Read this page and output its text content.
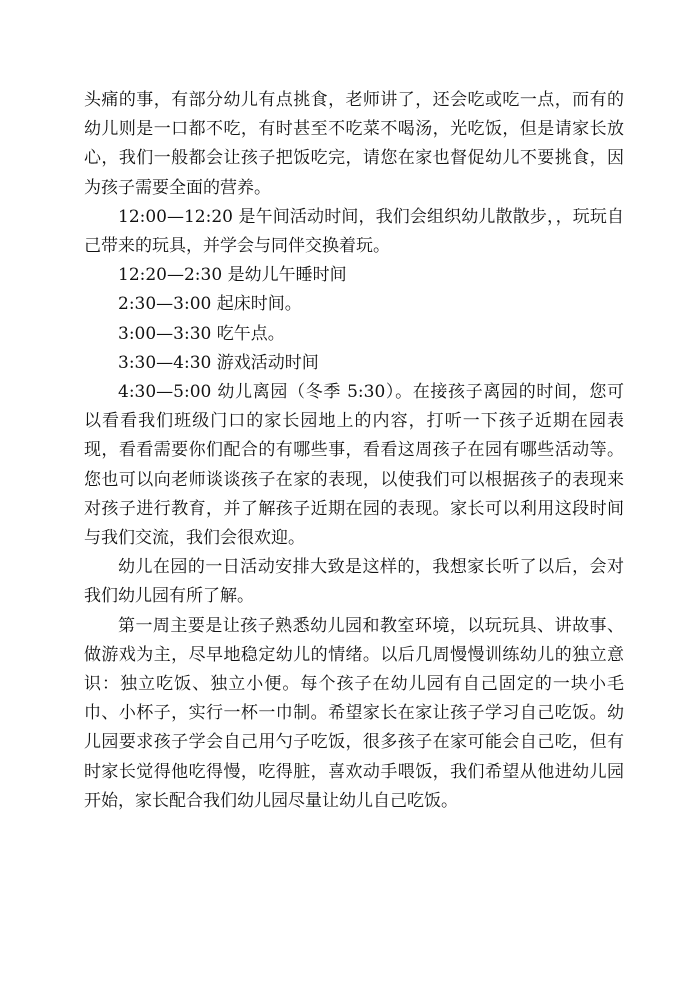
头痛的事，有部分幼儿有点挑食，老师讲了，还会吃或吃一点，而有的幼儿则是一口都不吃，有时甚至不吃菜不喝汤，光吃饭，但是请家长放心，我们一般都会让孩子把饭吃完，请您在家也督促幼儿不要挑食，因为孩子需要全面的营养。

12:00—12:20 是午间活动时间，我们会组织幼儿散散步，，玩玩自己带来的玩具，并学会与同伴交换着玩。

12:20—2:30 是幼儿午睡时间

2:30—3:00 起床时间。

3:00—3:30 吃午点。

3:30—4:30 游戏活动时间

4:30—5:00 幼儿离园（冬季 5:30）。在接孩子离园的时间，您可以看看我们班级门口的家长园地上的内容，打听一下孩子近期在园表现，看看需要你们配合的有哪些事，看看这周孩子在园有哪些活动等。您也可以向老师谈谈孩子在家的表现，以使我们可以根据孩子的表现来对孩子进行教育，并了解孩子近期在园的表现。家长可以利用这段时间与我们交流，我们会很欢迎。

幼儿在园的一日活动安排大致是这样的，我想家长听了以后，会对我们幼儿园有所了解。

第一周主要是让孩子熟悉幼儿园和教室环境，以玩玩具、讲故事、做游戏为主，尽早地稳定幼儿的情绪。以后几周慢慢训练幼儿的独立意识：独立吃饭、独立小便。每个孩子在幼儿园有自己固定的一块小毛巾、小杯子，实行一杯一巾制。希望家长在家让孩子学习自己吃饭。幼儿园要求孩子学会自己用勺子吃饭，很多孩子在家可能会自己吃，但有时家长觉得他吃得慢，吃得脏，喜欢动手喂饭，我们希望从他进幼儿园开始，家长配合我们幼儿园尽量让幼儿自己吃饭。
